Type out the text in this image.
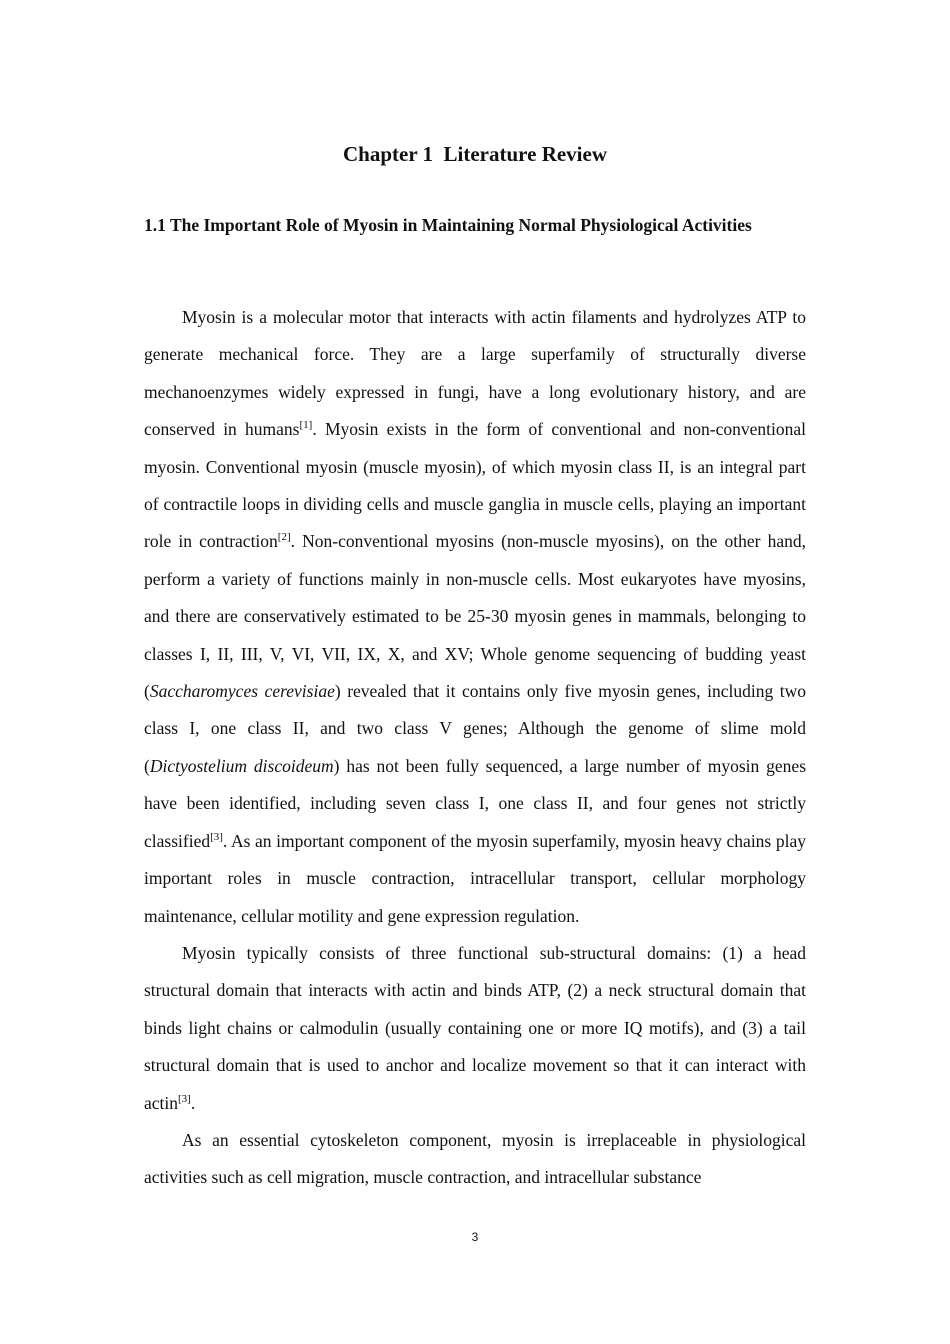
Chapter 1  Literature Review
1.1 The Important Role of Myosin in Maintaining Normal Physiological Activities

Myosin is a molecular motor that interacts with actin filaments and hydrolyzes ATP to generate mechanical force. They are a large superfamily of structurally diverse mechanoenzymes widely expressed in fungi, have a long evolutionary history, and are conserved in humans[1]. Myosin exists in the form of conventional and non-conventional myosin. Conventional myosin (muscle myosin), of which myosin class II, is an integral part of contractile loops in dividing cells and muscle ganglia in muscle cells, playing an important role in contraction[2]. Non-conventional myosins (non-muscle myosins), on the other hand, perform a variety of functions mainly in non-muscle cells. Most eukaryotes have myosins, and there are conservatively estimated to be 25-30 myosin genes in mammals, belonging to classes I, II, III, V, VI, VII, IX, X, and XV; Whole genome sequencing of budding yeast (Saccharomyces cerevisiae) revealed that it contains only five myosin genes, including two class I, one class II, and two class V genes; Although the genome of slime mold (Dictyostelium discoideum) has not been fully sequenced, a large number of myosin genes have been identified, including seven class I, one class II, and four genes not strictly classified[3]. As an important component of the myosin superfamily, myosin heavy chains play important roles in muscle contraction, intracellular transport, cellular morphology maintenance, cellular motility and gene expression regulation.

Myosin typically consists of three functional sub-structural domains: (1) a head structural domain that interacts with actin and binds ATP, (2) a neck structural domain that binds light chains or calmodulin (usually containing one or more IQ motifs), and (3) a tail structural domain that is used to anchor and localize movement so that it can interact with actin[3].

As an essential cytoskeleton component, myosin is irreplaceable in physiological activities such as cell migration, muscle contraction, and intracellular substance

3
